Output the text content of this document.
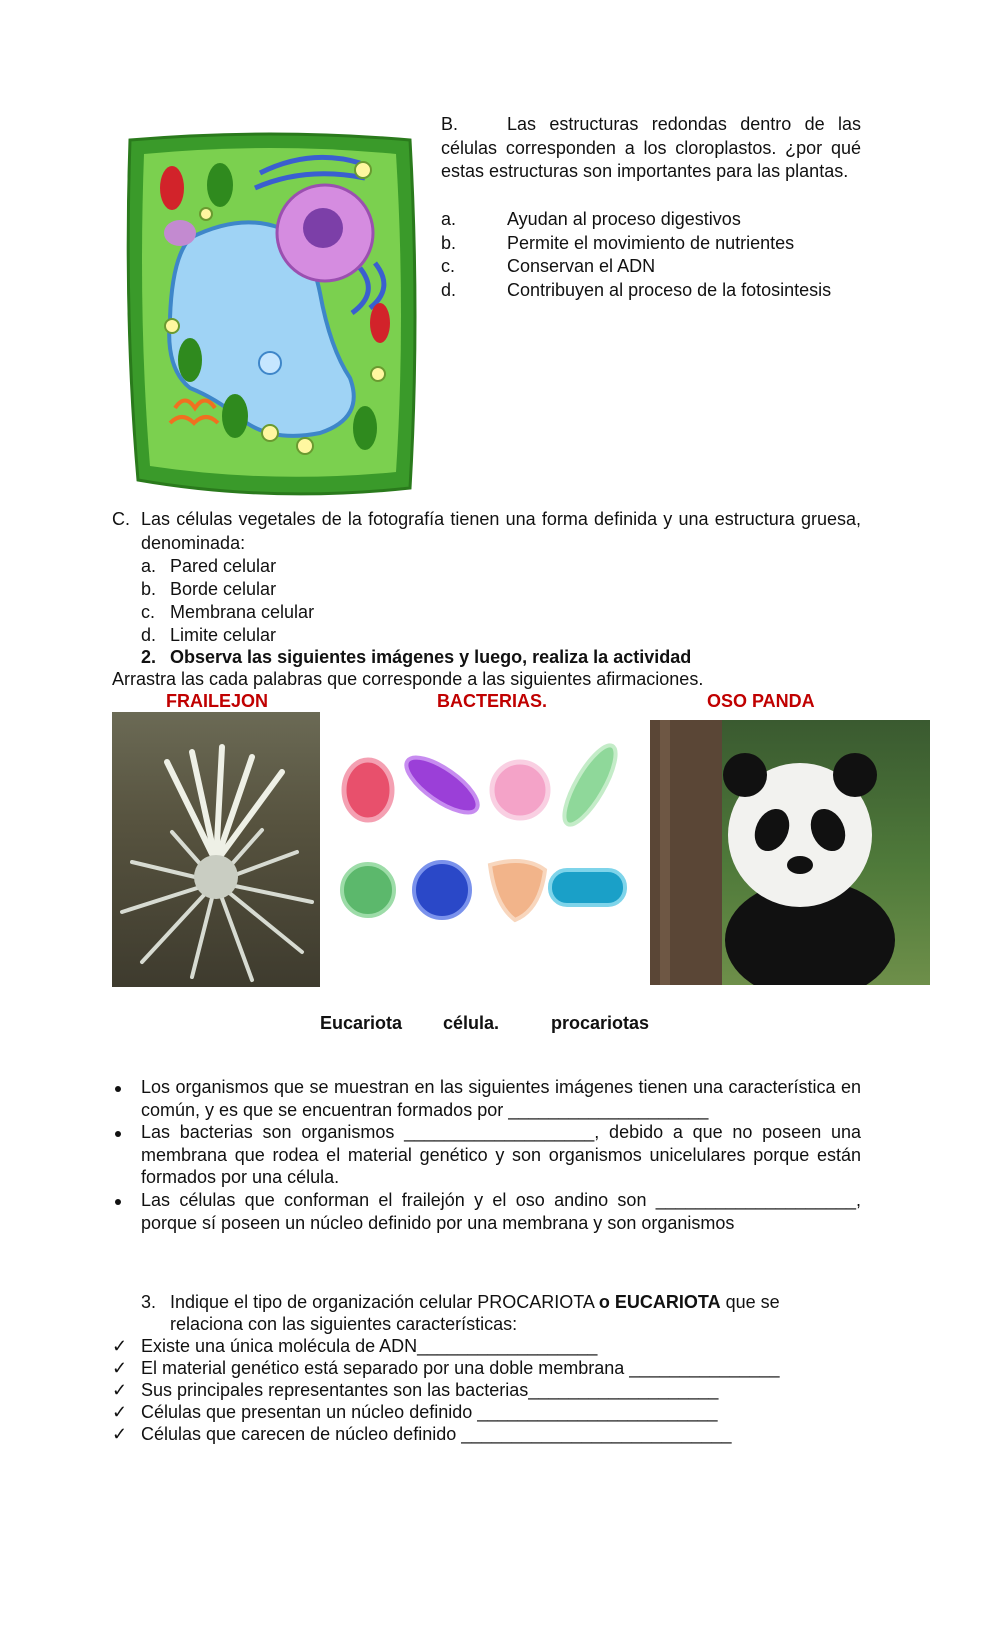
B.	Las estructuras redondas dentro de las células corresponden a los cloroplastos. ¿por qué estas estructuras son importantes para las plantas.
a.	Ayudan al proceso digestivos
b.	Permite el movimiento de nutrientes
c.	Conservan el ADN
d.	Contribuyen al proceso de la fotosintesis
C. Las células vegetales de la fotografía tienen una forma definida y una estructura gruesa, denominada:
a. Pared celular
b. Borde celular
c. Membrana celular
d. Limite celular
2. Observa las siguientes imágenes y luego, realiza la actividad
Arrastra las cada palabras que corresponde a las siguientes afirmaciones.
FRAILEJON	BACTERIAS.	OSO PANDA
Eucariota célula.	procariotas
Los organismos que se muestran en las siguientes imágenes tienen una característica en común, y es que se encuentran formados por ____________________
Las bacterias son organismos ___________________, debido a que no poseen una membrana que rodea el material genético y son organismos unicelulares porque están formados por una célula.
Las células que conforman el frailejón y el oso andino son ____________________, porque sí poseen un núcleo definido por una membrana y son organismos
3. Indique el tipo de organización celular PROCARIOTA o EUCARIOTA que se
relaciona con las siguientes características:
✓ Existe una única molécula de ADN__________________
✓ El material genético está separado por una doble membrana _______________
✓ Sus principales representantes son las bacterias___________________
✓ Células que presentan un núcleo definido ________________________
✓ Células que carecen de núcleo definido ___________________________
